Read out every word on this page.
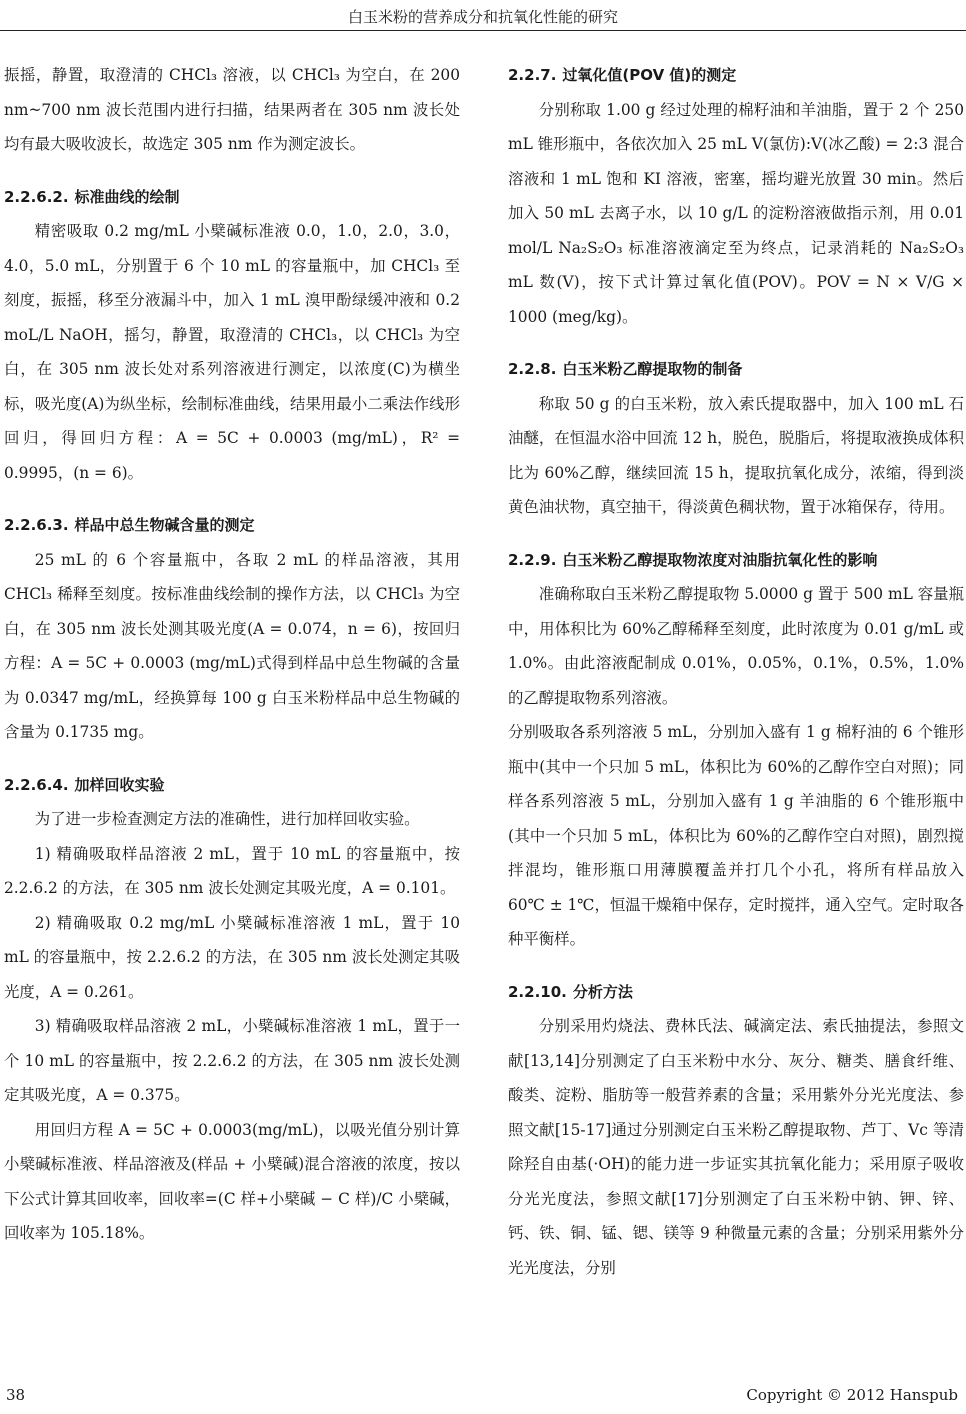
白玉米粉的营养成分和抗氧化性能的研究

振摇，静置，取澄清的 CHCl₃ 溶液，以 CHCl₃ 为空白，在 200 nm~700 nm 波长范围内进行扫描，结果两者在 305 nm 波长处均有最大吸收波长，故选定 305 nm 作为测定波长。

2.2.6.2. 标准曲线的绘制

精密吸取 0.2 mg/mL 小檗碱标准液 0.0，1.0，2.0，3.0，4.0，5.0 mL，分别置于 6 个 10 mL 的容量瓶中，加 CHCl₃ 至刻度，振摇，移至分液漏斗中，加入 1 mL 溴甲酚绿缓冲液和 0.2 moL/L NaOH，摇匀，静置，取澄清的 CHCl₃，以 CHCl₃ 为空白，在 305 nm 波长处对系列溶液进行测定，以浓度(C)为横坐标，吸光度(A)为纵坐标，绘制标准曲线，结果用最小二乘法作线形回归，得回归方程：A = 5C + 0.0003 (mg/mL)，R² = 0.9995，(n = 6)。

2.2.6.3. 样品中总生物碱含量的测定

25 mL 的 6 个容量瓶中，各取 2 mL 的样品溶液，其用 CHCl₃ 稀释至刻度。按标准曲线绘制的操作方法，以 CHCl₃ 为空白，在 305 nm 波长处测其吸光度(A = 0.074，n = 6)，按回归方程：A = 5C + 0.0003 (mg/mL)式得到样品中总生物碱的含量为 0.0347 mg/mL，经换算每 100 g 白玉米粉样品中总生物碱的含量为 0.1735 mg。

2.2.6.4. 加样回收实验

为了进一步检查测定方法的准确性，进行加样回收实验。

1) 精确吸取样品溶液 2 mL，置于 10 mL 的容量瓶中，按 2.2.6.2 的方法，在 305 nm 波长处测定其吸光度，A = 0.101。

2) 精确吸取 0.2 mg/mL 小檗碱标准溶液 1 mL，置于 10 mL 的容量瓶中，按 2.2.6.2 的方法，在 305 nm 波长处测定其吸光度，A = 0.261。

3) 精确吸取样品溶液 2 mL，小檗碱标准溶液 1 mL，置于一个 10 mL 的容量瓶中，按 2.2.6.2 的方法，在 305 nm 波长处测定其吸光度，A = 0.375。

用回归方程 A = 5C + 0.0003(mg/mL)，以吸光值分别计算小檗碱标准液、样品溶液及(样品 + 小檗碱)混合溶液的浓度，按以下公式计算其回收率，回收率=(C 样+小檗碱 − C 样)/C 小檗碱，回收率为 105.18%。

2.2.7. 过氧化值(POV 值)的测定

分别称取 1.00 g 经过处理的棉籽油和羊油脂，置于 2 个 250 mL 锥形瓶中，各依次加入 25 mL V(氯仿):V(冰乙酸) = 2:3 混合溶液和 1 mL 饱和 KI 溶液，密塞，摇均避光放置 30 min。然后加入 50 mL 去离子水，以 10 g/L 的淀粉溶液做指示剂，用 0.01 mol/L Na₂S₂O₃ 标准溶液滴定至为终点，记录消耗的 Na₂S₂O₃ mL 数(V)，按下式计算过氧化值(POV)。POV = N × V/G × 1000 (meg/kg)。

2.2.8. 白玉米粉乙醇提取物的制备

称取 50 g 的白玉米粉，放入索氏提取器中，加入 100 mL 石油醚，在恒温水浴中回流 12 h，脱色，脱脂后，将提取液换成体积比为 60%乙醇，继续回流 15 h，提取抗氧化成分，浓缩，得到淡黄色油状物，真空抽干，得淡黄色稠状物，置于冰箱保存，待用。

2.2.9. 白玉米粉乙醇提取物浓度对油脂抗氧化性的影响

准确称取白玉米粉乙醇提取物 5.0000 g 置于 500 mL 容量瓶中，用体积比为 60%乙醇稀释至刻度，此时浓度为 0.01 g/mL 或 1.0%。由此溶液配制成 0.01%，0.05%，0.1%，0.5%，1.0%的乙醇提取物系列溶液。

分别吸取各系列溶液 5 mL，分别加入盛有 1 g 棉籽油的 6 个锥形瓶中(其中一个只加 5 mL，体积比为 60%的乙醇作空白对照)；同样各系列溶液 5 mL，分别加入盛有 1 g 羊油脂的 6 个锥形瓶中(其中一个只加 5 mL，体积比为 60%的乙醇作空白对照)，剧烈搅拌混均，锥形瓶口用薄膜覆盖并打几个小孔，将所有样品放入 60℃ ± 1℃，恒温干燥箱中保存，定时搅拌，通入空气。定时取各种平衡样。

2.2.10. 分析方法

分别采用灼烧法、费林氏法、碱滴定法、索氏抽提法，参照文献[13,14]分别测定了白玉米粉中水分、灰分、糖类、膳食纤维、酸类、淀粉、脂肪等一般营养素的含量；采用紫外分光光度法、参照文献[15-17]通过分别测定白玉米粉乙醇提取物、芦丁、Vc 等清除羟自由基(·OH)的能力进一步证实其抗氧化能力；采用原子吸收分光光度法，参照文献[17]分别测定了白玉米粉中钠、钾、锌、钙、铁、铜、锰、锶、镁等 9 种微量元素的含量；分别采用紫外分光光度法，分别

38	Copyright © 2012 Hanspub
